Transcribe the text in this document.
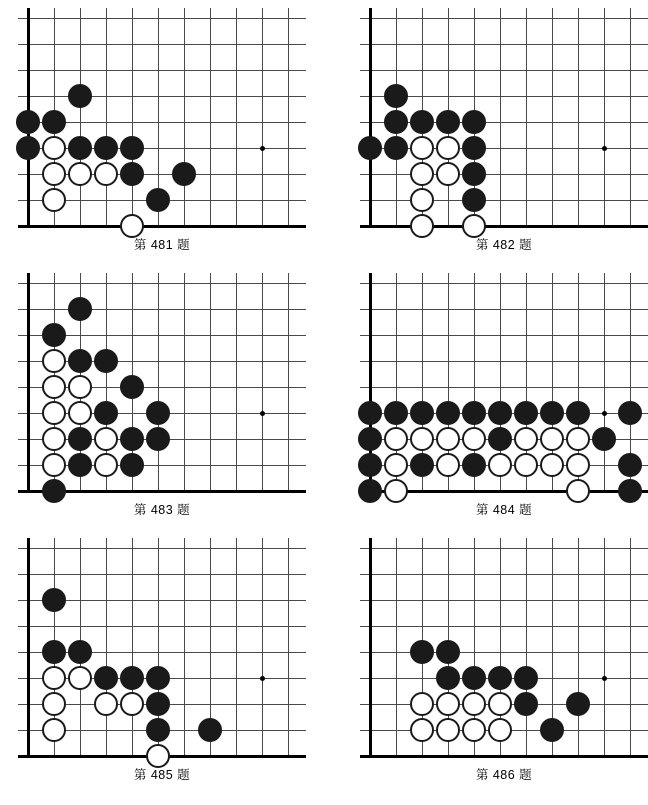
第 481 题	第 482 题
第 483 题	第 484 题
第 485 题	第 486 题
